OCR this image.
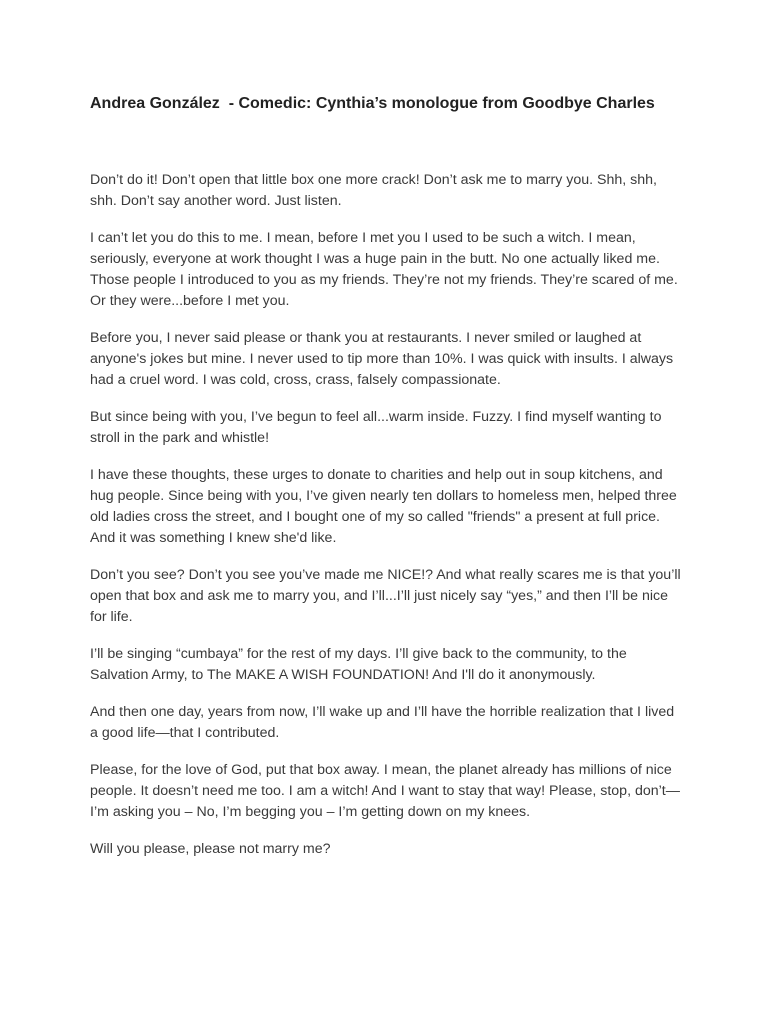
Andrea González  - Comedic: Cynthia’s monologue from Goodbye Charles

Don’t do it! Don’t open that little box one more crack! Don’t ask me to marry you. Shh, shh, shh. Don’t say another word. Just listen.

I can’t let you do this to me. I mean, before I met you I used to be such a witch. I mean, seriously, everyone at work thought I was a huge pain in the butt. No one actually liked me. Those people I introduced to you as my friends. They’re not my friends. They’re scared of me. Or they were...before I met you.

Before you, I never said please or thank you at restaurants. I never smiled or laughed at anyone's jokes but mine. I never used to tip more than 10%. I was quick with insults. I always had a cruel word. I was cold, cross, crass, falsely compassionate.

But since being with you, I’ve begun to feel all...warm inside. Fuzzy. I find myself wanting to stroll in the park and whistle!

I have these thoughts, these urges to donate to charities and help out in soup kitchens, and hug people. Since being with you, I’ve given nearly ten dollars to homeless men, helped three old ladies cross the street, and I bought one of my so called "friends" a present at full price. And it was something I knew she'd like.

Don’t you see? Don’t you see you’ve made me NICE!? And what really scares me is that you’ll open that box and ask me to marry you, and I’ll...I’ll just nicely say “yes,” and then I’ll be nice for life.

I’ll be singing “cumbaya” for the rest of my days. I’ll give back to the community, to the Salvation Army, to The MAKE A WISH FOUNDATION! And I'll do it anonymously.

And then one day, years from now, I’ll wake up and I’ll have the horrible realization that I lived a good life—that I contributed.

Please, for the love of God, put that box away. I mean, the planet already has millions of nice people. It doesn’t need me too. I am a witch! And I want to stay that way! Please, stop, don’t—I’m asking you – No, I’m begging you – I’m getting down on my knees.

Will you please, please not marry me?
